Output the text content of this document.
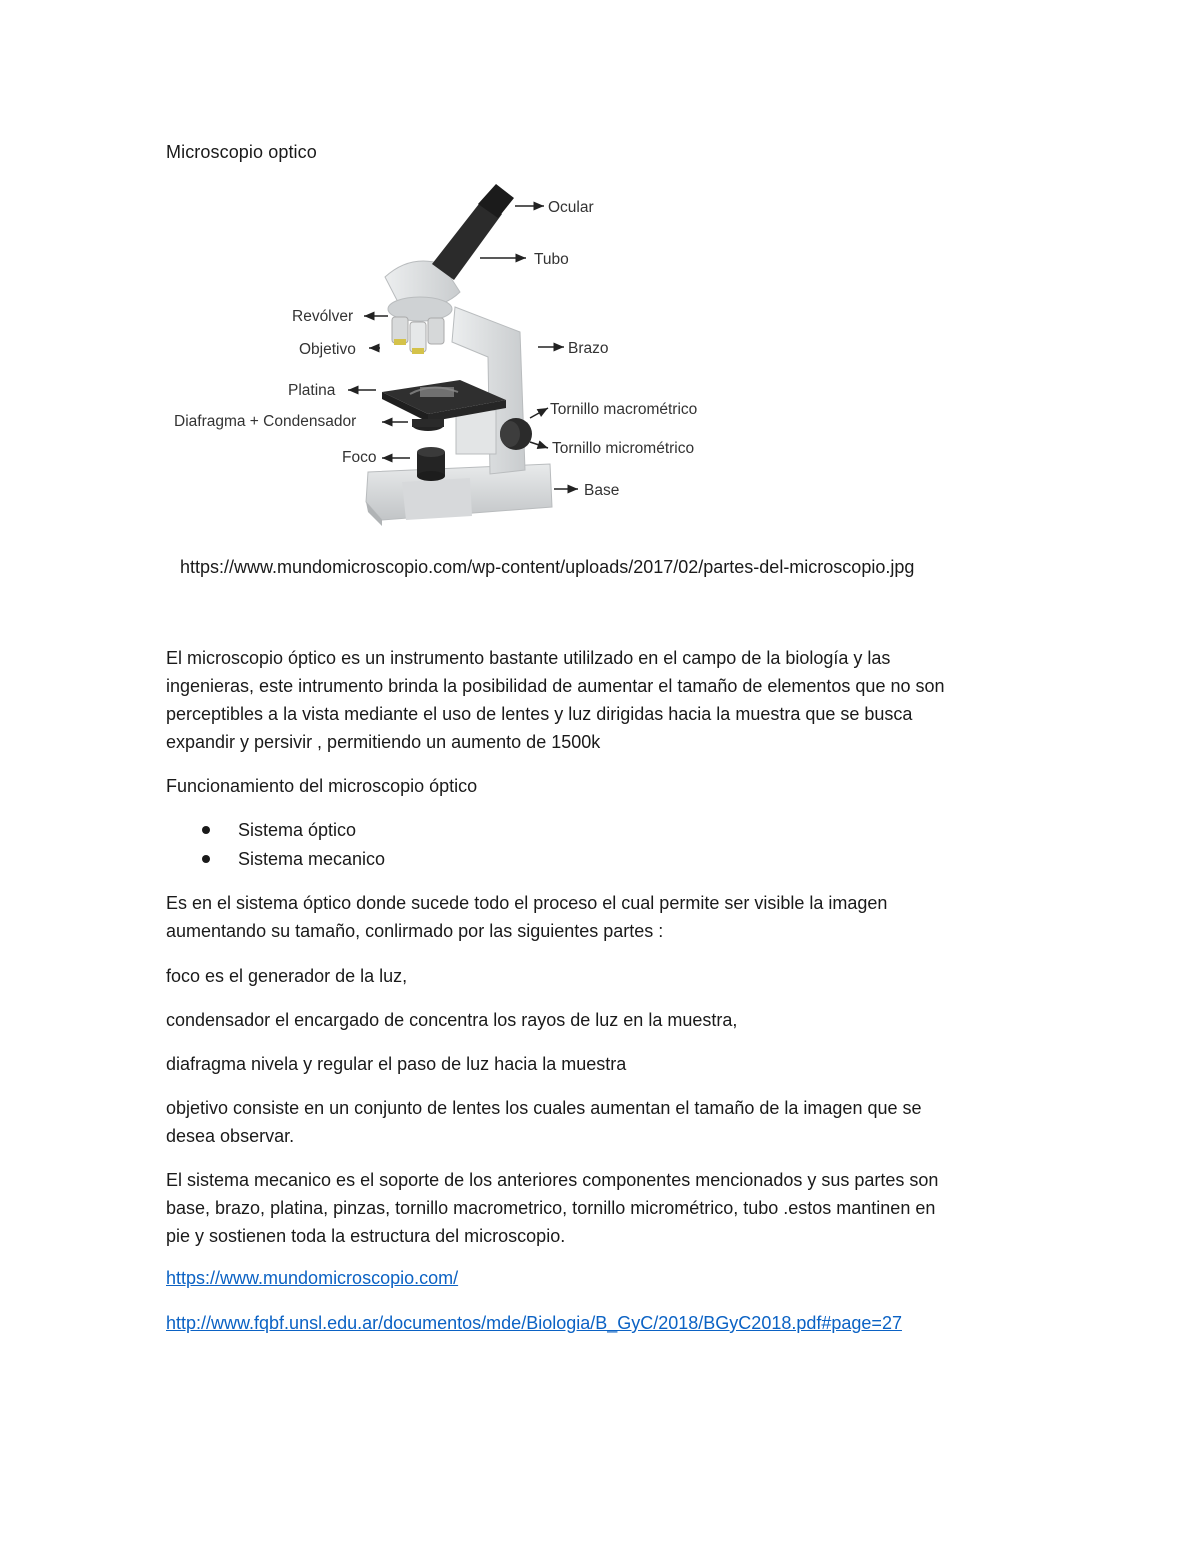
Microscopio optico
Ocular
Tubo
Brazo
Tornillo macrométrico
Tornillo micrométrico
Base
Revólver
Objetivo
Platina
Diafragma + Condensador
Foco
https://www.mundomicroscopio.com/wp-content/uploads/2017/02/partes-del-microscopio.jpg

El microscopio óptico es un instrumento bastante utililzado en el campo de la biología y las

ingenieras, este intrumento brinda la posibilidad de aumentar el tamaño de elementos que no son

perceptibles a la vista mediante el uso de lentes y luz dirigidas hacia la muestra que se busca

expandir y persivir , permitiendo un aumento de 1500k

Funcionamiento del microscopio óptico

Sistema óptico
Sistema mecanico

Es en el sistema óptico donde sucede todo el proceso el cual permite ser visible la imagen

aumentando su tamaño, conlirmado por las siguientes partes :

foco es el generador de la luz,

condensador el encargado de concentra los rayos de luz en la muestra,

diafragma nivela y regular el paso de luz hacia la muestra

objetivo consiste en un conjunto de lentes los cuales aumentan el tamaño de la imagen que se

desea observar.

El sistema mecanico es el soporte de los anteriores componentes mencionados y sus partes son

base, brazo, platina, pinzas, tornillo macrometrico, tornillo micrométrico, tubo .estos mantinen en

pie y sostienen toda la estructura del microscopio.

https://www.mundomicroscopio.com/
http://www.fqbf.unsl.edu.ar/documentos/mde/Biologia/B_GyC/2018/BGyC2018.pdf#page=27
